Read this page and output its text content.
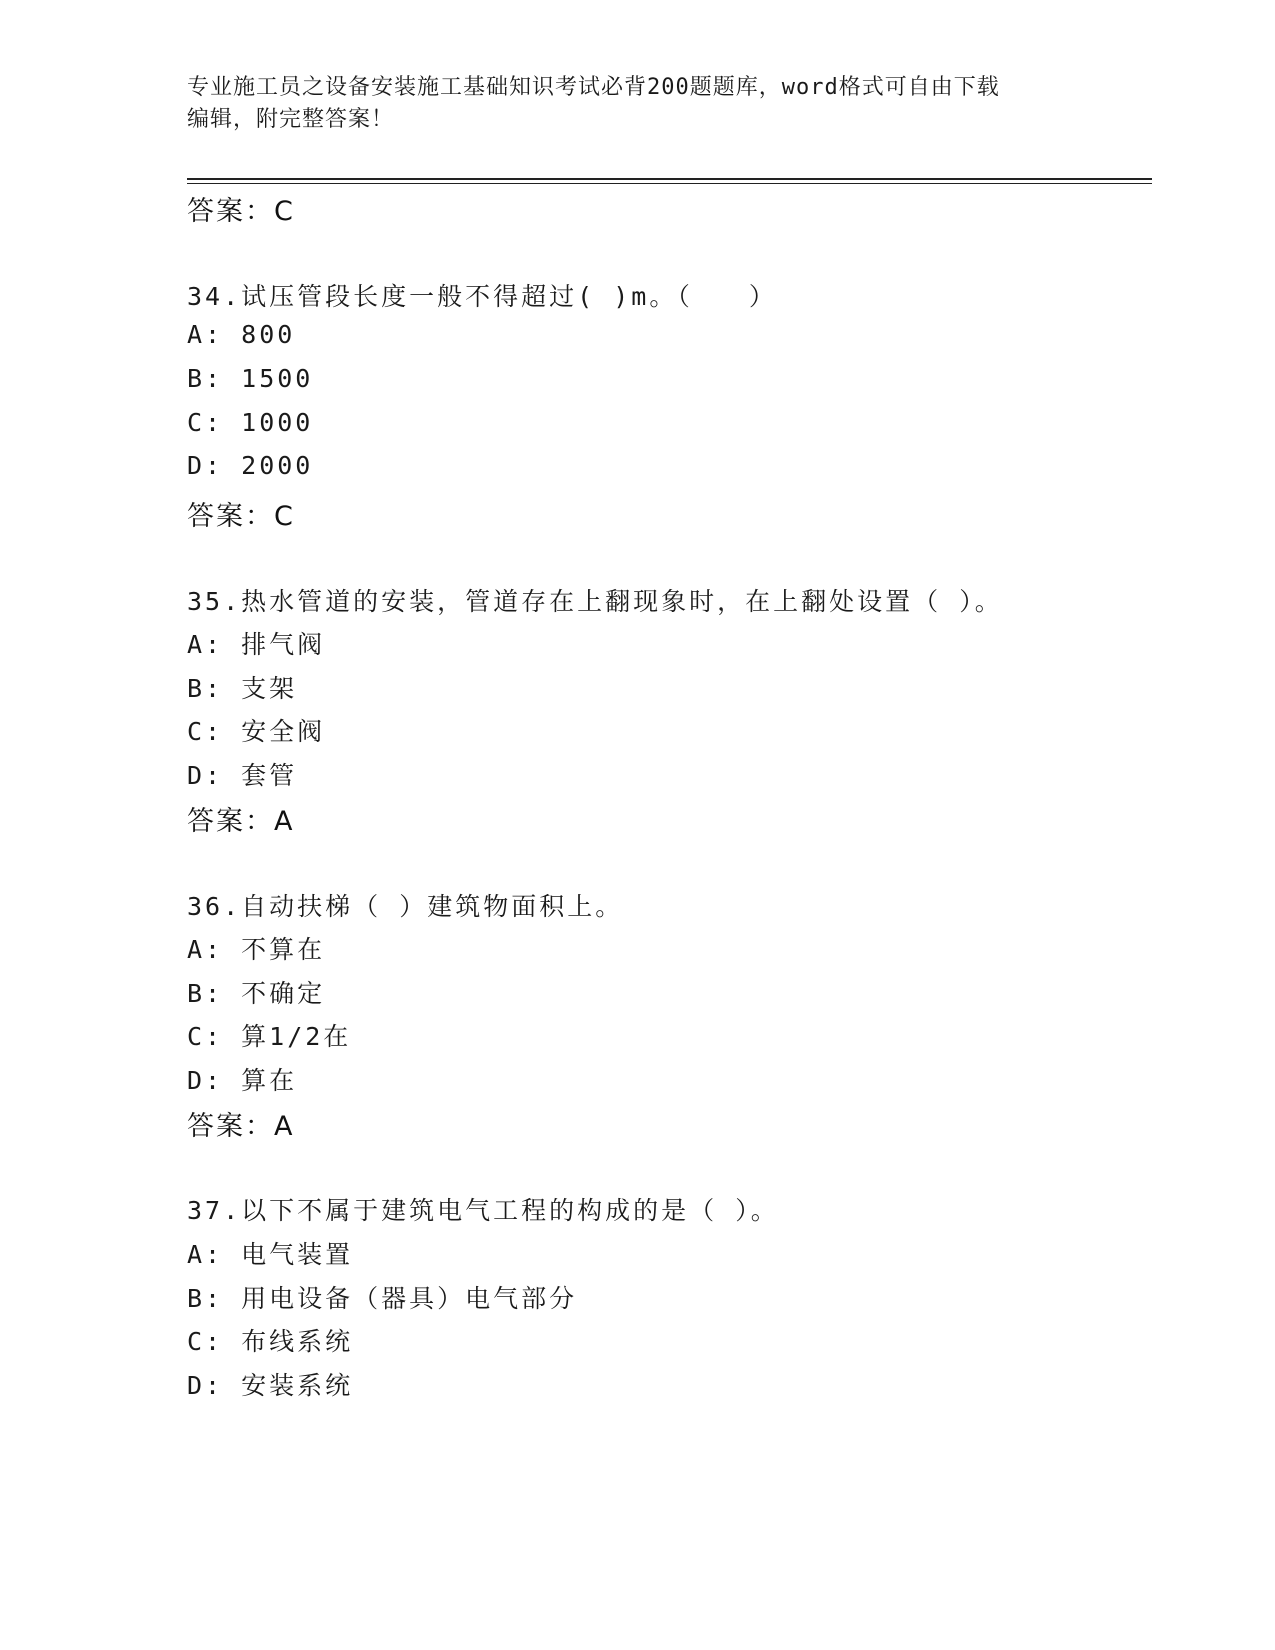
专业施工员之设备安装施工基础知识考试必背200题题库，word格式可自由下载
编辑，附完整答案！
答案：C
34.试压管段长度一般不得超过( )m。（　　）
A: 800
B: 1500
C: 1000
D: 2000
答案：C
35.热水管道的安装，管道存在上翻现象时，在上翻处设置（ ）。
A: 排气阀
B: 支架
C: 安全阀
D: 套管
答案：A
36.自动扶梯（ ）建筑物面积上。
A: 不算在
B: 不确定
C: 算1/2在
D: 算在
答案：A
37.以下不属于建筑电气工程的构成的是（ ）。
A: 电气装置
B: 用电设备（器具）电气部分
C: 布线系统
D: 安装系统
